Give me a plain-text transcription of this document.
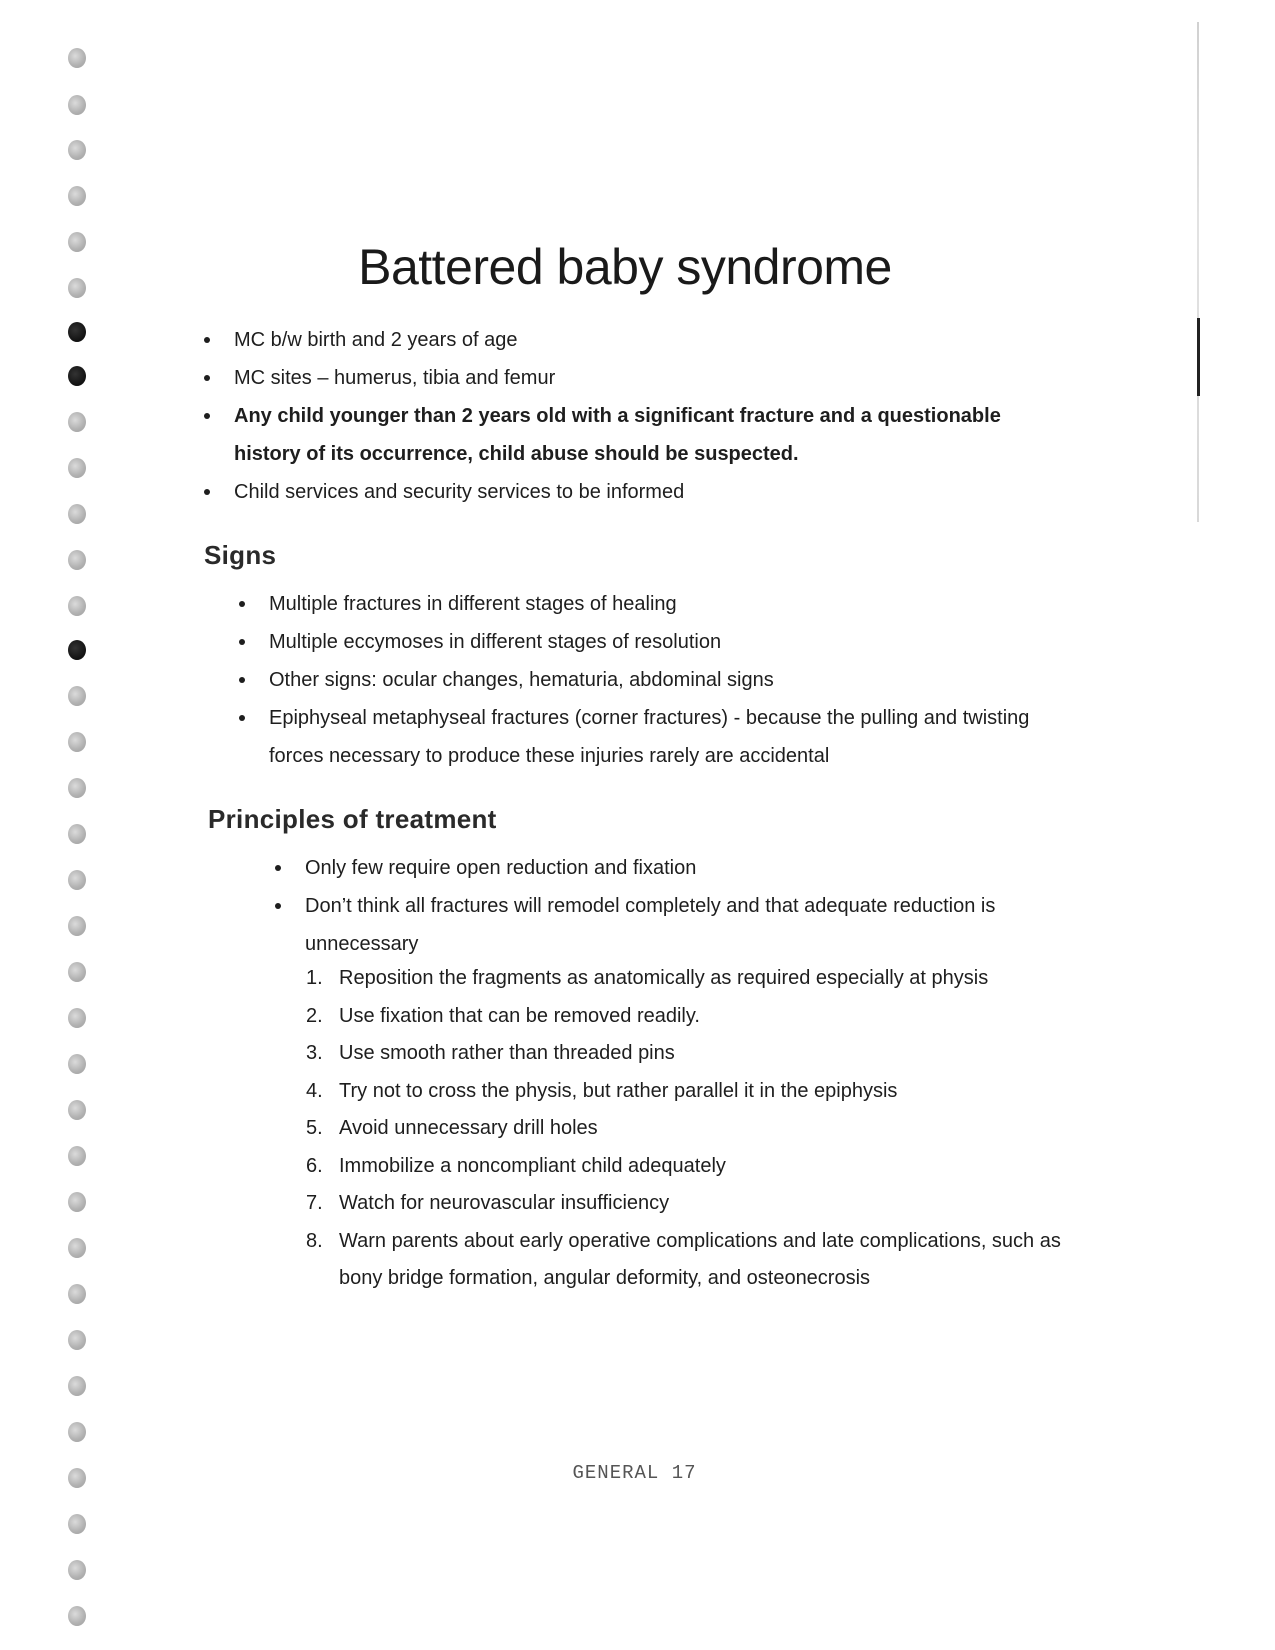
Battered baby syndrome
MC b/w birth and 2 years of age
MC sites – humerus, tibia and femur
Any child younger than 2 years old with a significant fracture and a questionable history of its occurrence, child abuse should be suspected.
Child services and security services to be informed
Signs
Multiple fractures in different stages of healing
Multiple eccymoses in different stages of resolution
Other signs: ocular changes, hematuria, abdominal signs
Epiphyseal metaphyseal fractures (corner fractures) - because the pulling and twisting forces necessary to produce these injuries rarely are accidental
Principles of treatment
Only few require open reduction and fixation
Don’t think all fractures will remodel completely and that adequate reduction is unnecessary
1. Reposition the fragments as anatomically as required especially at physis
2. Use fixation that can be removed readily.
3. Use smooth rather than threaded pins
4. Try not to cross the physis, but rather parallel it in the epiphysis
5. Avoid unnecessary drill holes
6. Immobilize a noncompliant child adequately
7. Watch for neurovascular insufficiency
8. Warn parents about early operative complications and late complications, such as bony bridge formation, angular deformity, and osteonecrosis
GENERAL 17
